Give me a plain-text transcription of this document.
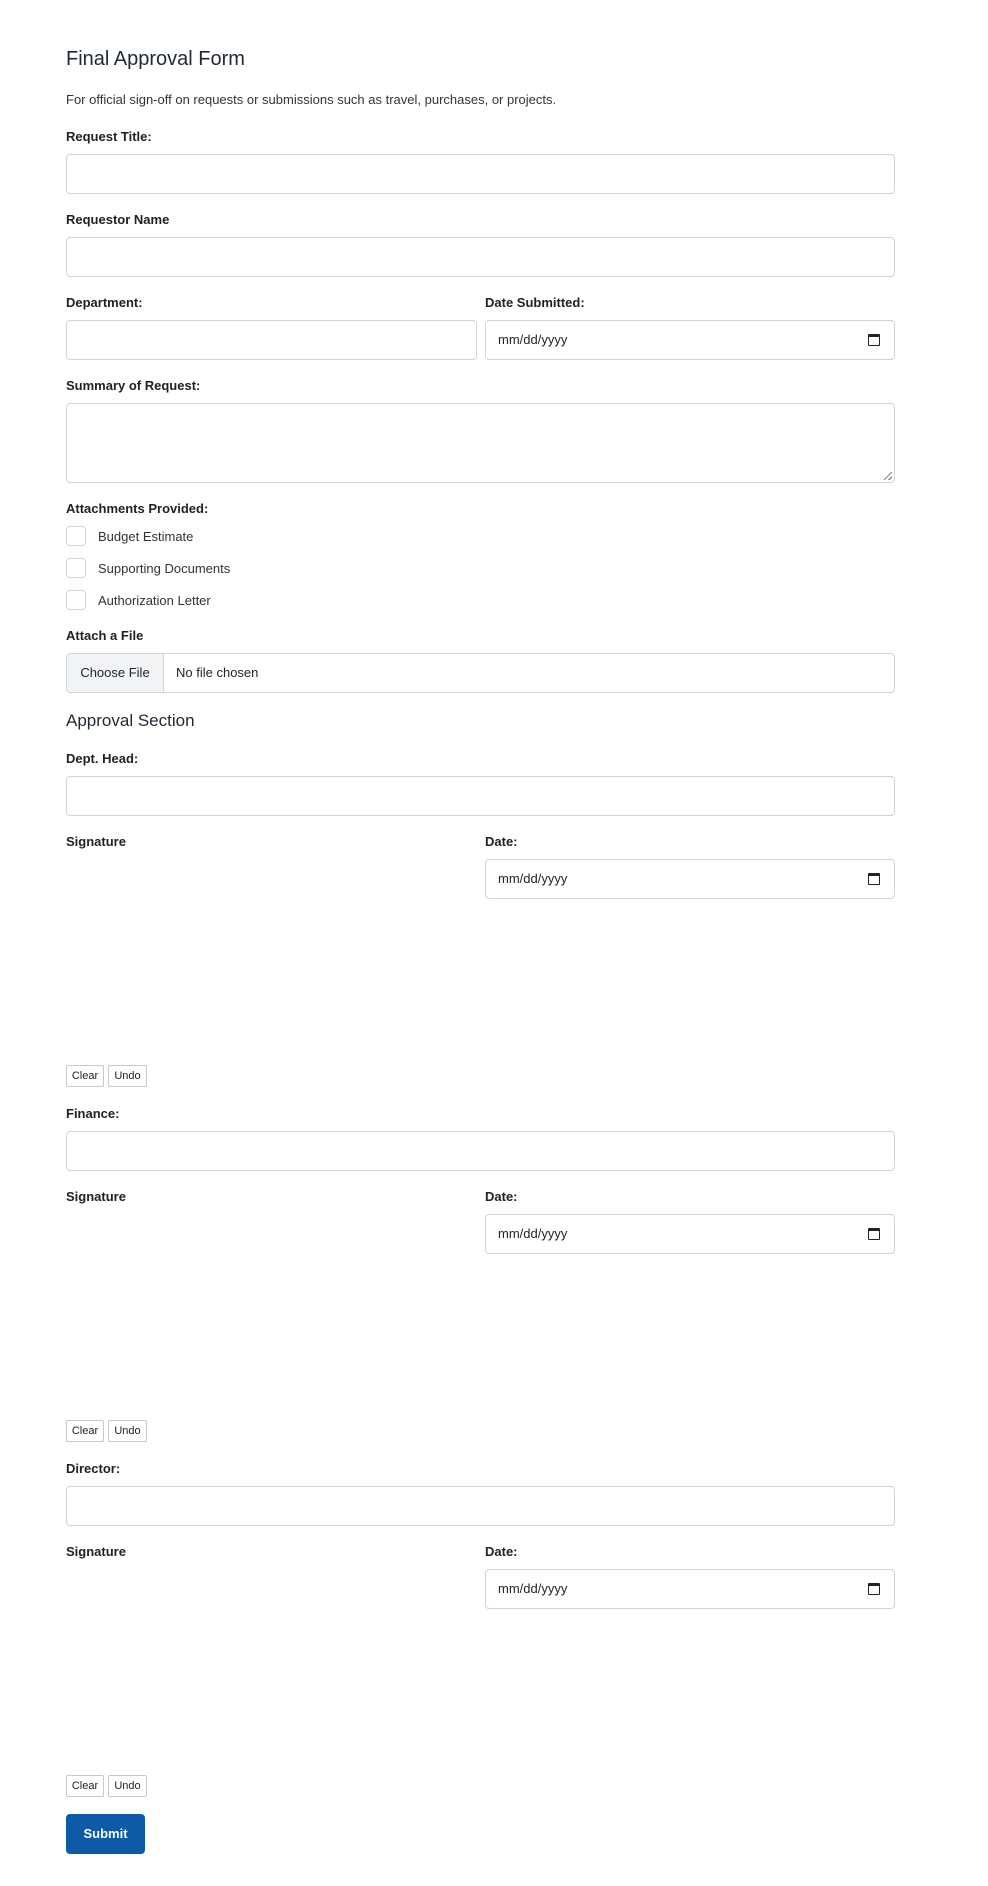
Final Approval Form
For official sign-off on requests or submissions such as travel, purchases, or projects.
Request Title:
Requestor Name
Department:	Date Submitted:
mm/dd/yyyy
Summary of Request:
Attachments Provided:
Budget Estimate
Supporting Documents
Authorization Letter
Attach a File
Choose File	No file chosen
Approval Section
Dept. Head:
Signature	Date:
mm/dd/yyyy
Clear	Undo
Finance:
Signature	Date:
mm/dd/yyyy
Clear	Undo
Director:
Signature	Date:
mm/dd/yyyy
Clear	Undo
Submit
